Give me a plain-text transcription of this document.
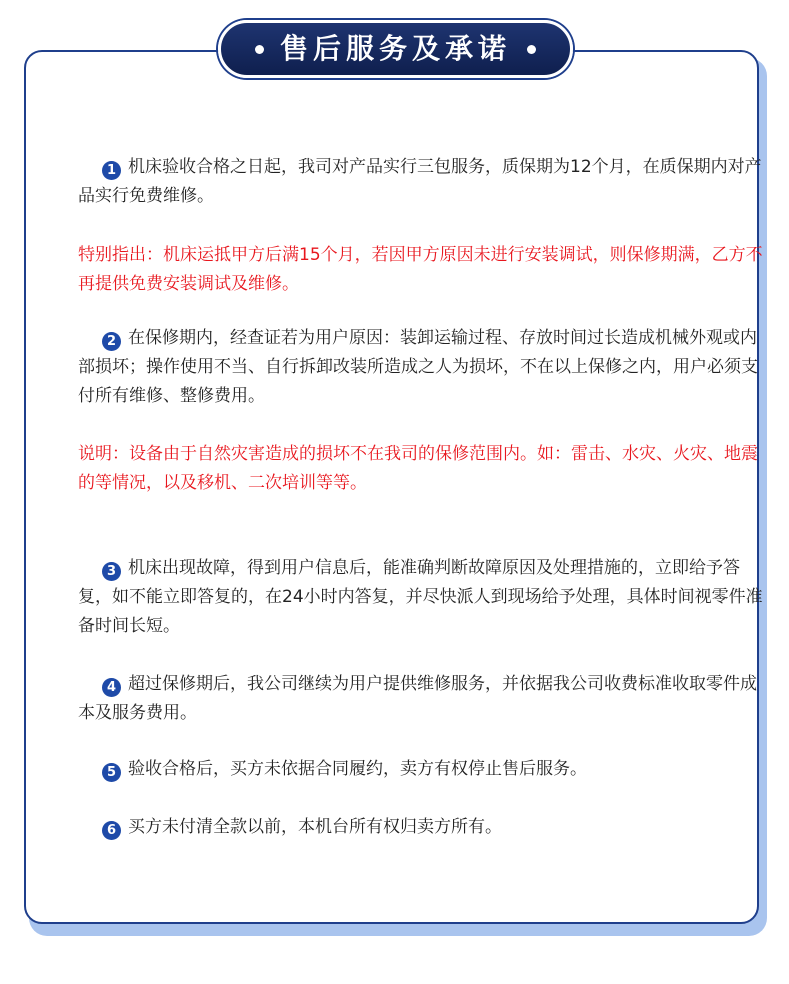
1 机床验收合格之日起，我司对产品实行三包服务，质保期为12个月，在质保期内对产品实行免费维修。
特别指出：机床运抵甲方后满15个月，若因甲方原因未进行安装调试，则保修期满，乙方不再提供免费安装调试及维修。
2 在保修期内，经查证若为用户原因：装卸运输过程、存放时间过长造成机械外观或内部损坏；操作使用不当、自行拆卸改装所造成之人为损坏，不在以上保修之内，用户必须支付所有维修、整修费用。
说明：设备由于自然灾害造成的损坏不在我司的保修范围内。如：雷击、水灾、火灾、地震的等情况，以及移机、二次培训等等。
3 机床出现故障，得到用户信息后，能准确判断故障原因及处理措施的，立即给予答复，如不能立即答复的，在24小时内答复，并尽快派人到现场给予处理，具体时间视零件准备时间长短。
4 超过保修期后，我公司继续为用户提供维修服务，并依据我公司收费标准收取零件成本及服务费用。
5 验收合格后，买方未依据合同履约，卖方有权停止售后服务。
6 买方未付清全款以前，本机台所有权归卖方所有。
售后服务及承诺
